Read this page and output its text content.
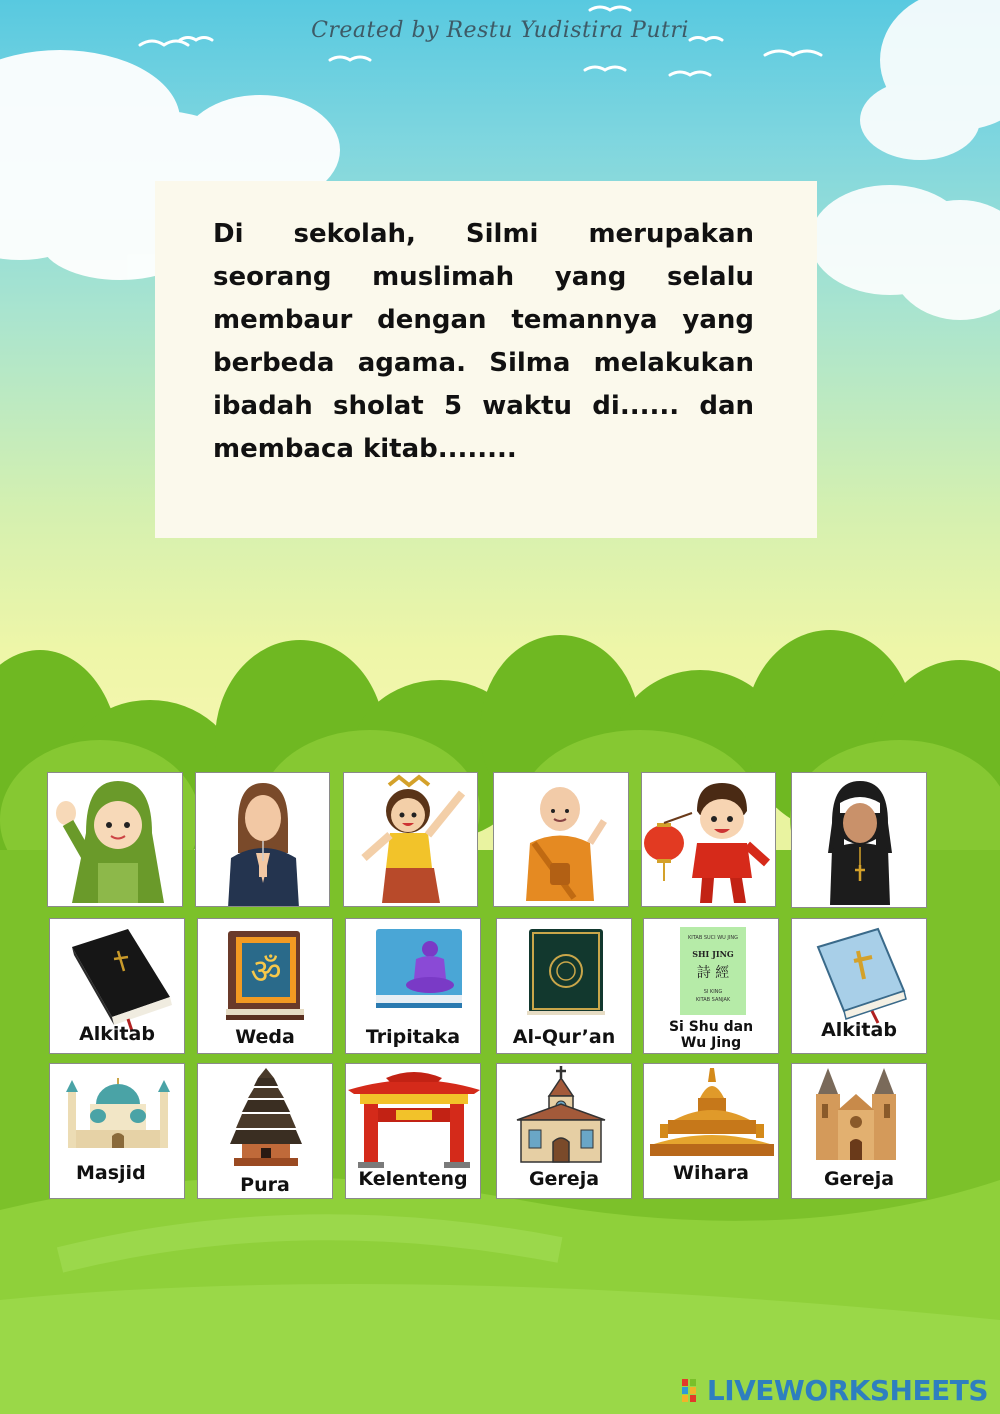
Created by Restu Yudistira Putri
Di sekolah, Silmi merupakan seorang muslimah yang selalu membaur dengan temannya yang berbeda agama. Silma melakukan ibadah sholat 5 waktu di...... dan membaca kitab........
Alkitab
ॐ
Weda	Tripitaka	Al-Qur’an
KITAB SUCI WU JING
SHI JING
詩 經
SI KING
KITAB SANJAK
Si Shu dan Wu Jing
Alkitab
Masjid
Pura	Kelenteng	Gereja	Wihara	Gereja
LIVEWORKSHEETS
